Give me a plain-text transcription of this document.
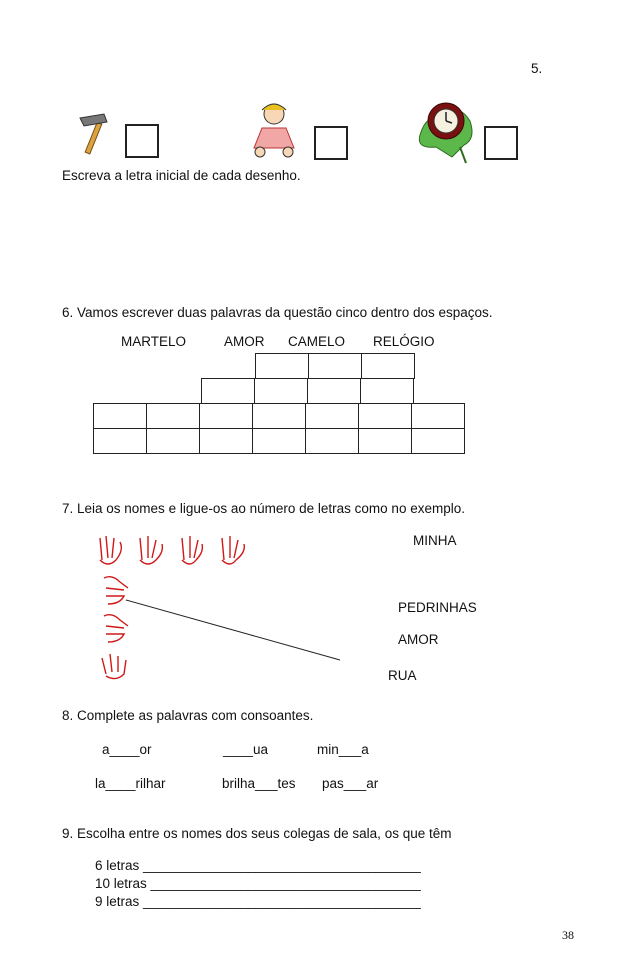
5.
Escreva a letra inicial de cada desenho.
6. Vamos escrever duas palavras da questão cinco dentro dos espaços.
MARTELO	AMOR CAMELO RELÓGIO
7. Leia os nomes e ligue-os ao número de letras como no exemplo.
MINHA
PEDRINHAS
AMOR
RUA
8. Complete as palavras com consoantes.
a____or	____ua	min___a
la____rilhar	brilha___tes pas___ar
9. Escolha entre os nomes dos seus colegas de sala, os que têm
6 letras _____________________________________
10 letras ____________________________________
9 letras _____________________________________
38
